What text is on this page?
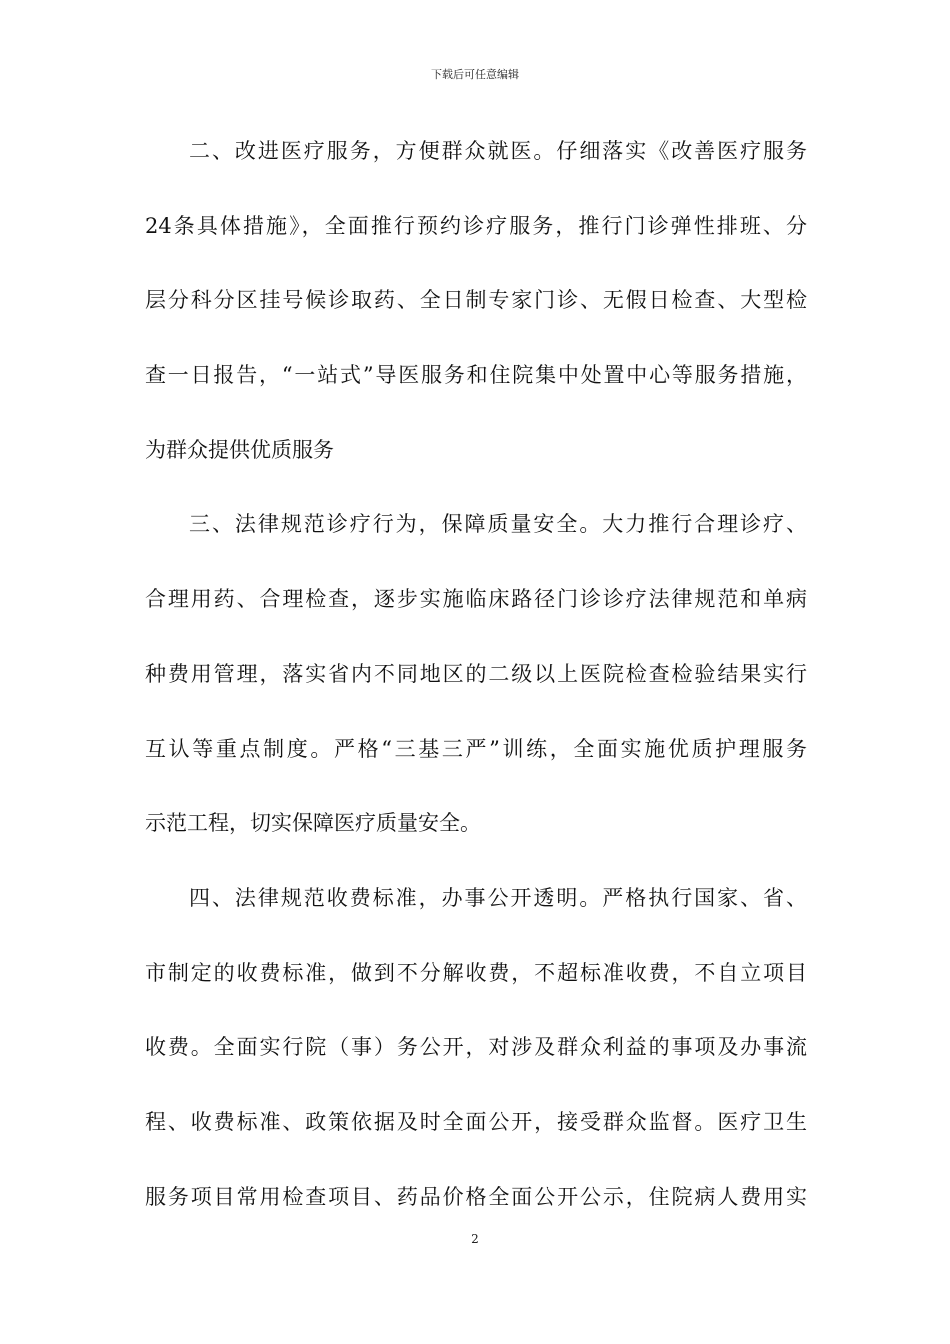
下载后可任意编辑
二、改进医疗服务，方便群众就医。仔细落实《改善医疗服务
24条具体措施》，全面推行预约诊疗服务，推行门诊弹性排班、分
层分科分区挂号候诊取药、全日制专家门诊、无假日检查、大型检
查一日报告，“一站式”导医服务和住院集中处置中心等服务措施，
为群众提供优质服务
三、法律规范诊疗行为，保障质量安全。大力推行合理诊疗、
合理用药、合理检查，逐步实施临床路径门诊诊疗法律规范和单病
种费用管理，落实省内不同地区的二级以上医院检查检验结果实行
互认等重点制度。严格“三基三严”训练，全面实施优质护理服务
示范工程，切实保障医疗质量安全。
四、法律规范收费标准，办事公开透明。严格执行国家、省、
市制定的收费标准，做到不分解收费，不超标准收费，不自立项目
收费。全面实行院（事）务公开，对涉及群众利益的事项及办事流
程、收费标准、政策依据及时全面公开，接受群众监督。医疗卫生
服务项目常用检查项目、药品价格全面公开公示，住院病人费用实
2
